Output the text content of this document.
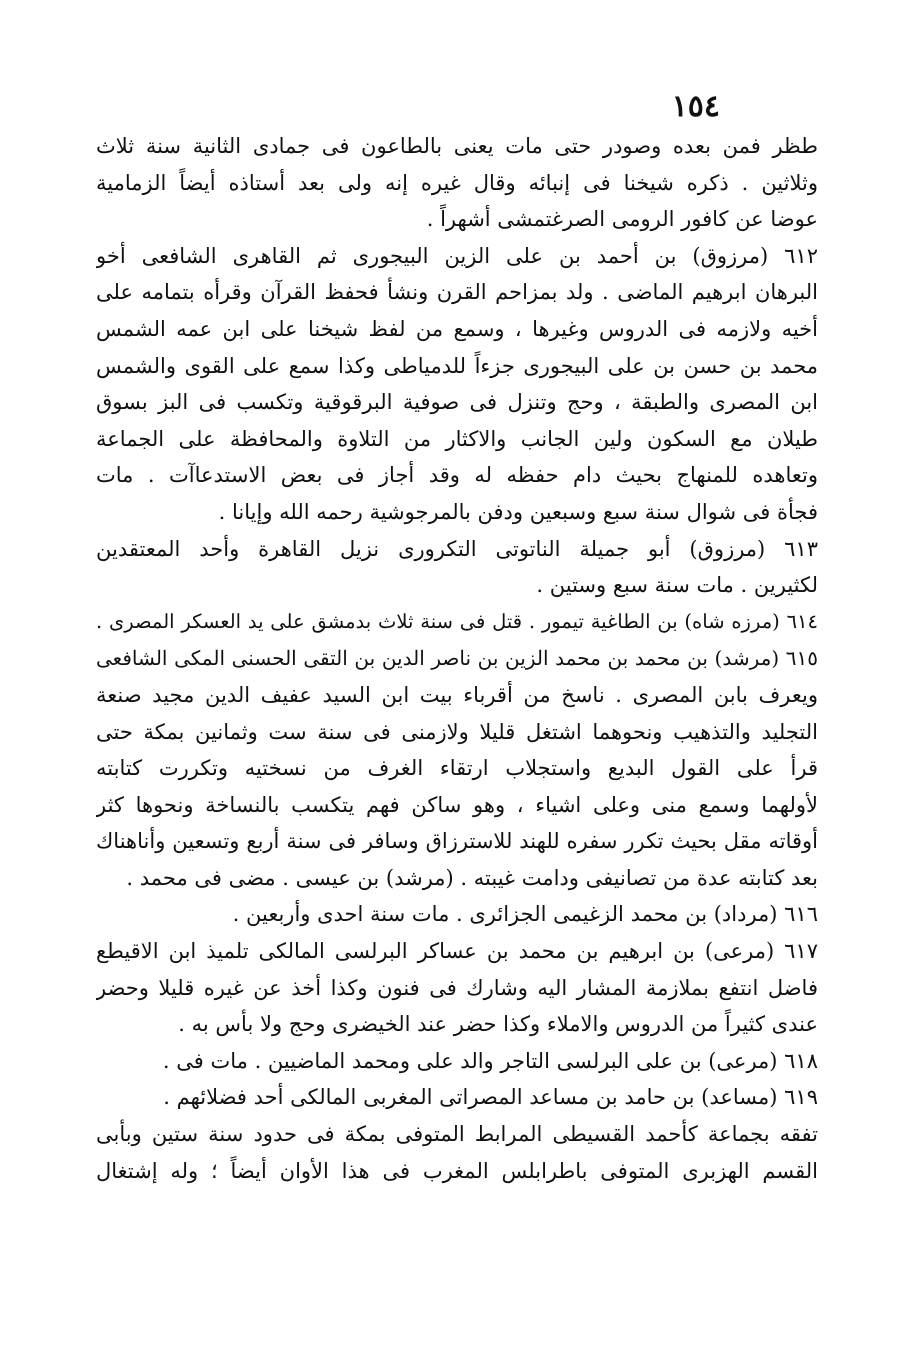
١٥٤
طظر فمن بعده وصودر حتى مات يعنى بالطاعون فى جمادى الثانية سنة ثلاث
وثلاثين . ذكره شيخنا فى إنبائه وقال غيره إنه ولى بعد أستاذه أيضاً الزمامية
عوضا عن كافور الرومى الصرغتمشى أشهراً .
٦١٢ (مرزوق) بن أحمد بن على الزين البيجورى ثم القاهرى الشافعى أخو
البرهان ابرهيم الماضى . ولد بمزاحم القرن ونشأ فحفظ القرآن وقرأه بتمامه على
أخيه ولازمه فى الدروس وغيرها ، وسمع من لفظ شيخنا على ابن عمه الشمس
محمد بن حسن بن على البيجورى جزءاً للدمياطى وكذا سمع على القوى والشمس
ابن المصرى والطبقة ، وحج وتنزل فى صوفية البرقوقية وتكسب فى البز بسوق
طيلان مع السكون ولين الجانب والاكثار من التلاوة والمحافظة على الجماعة
وتعاهده للمنهاج بحيث دام حفظه له وقد أجاز فى بعض الاستدعاآت . مات
فجأة فى شوال سنة سبع وسبعين ودفن بالمرجوشية رحمه الله وإيانا .
٦١٣ (مرزوق) أبو جميلة الناتوتى التكرورى نزيل القاهرة وأحد المعتقدين
لكثيرين . مات سنة سبع وستين .
٦١٤ (مرزه شاه) بن الطاغية تيمور . قتل فى سنة ثلاث بدمشق على يد العسكر المصرى .
٦١٥ (مرشد) بن محمد بن محمد الزين بن ناصر الدين بن التقى الحسنى المكى الشافعى
ويعرف بابن المصرى . ناسخ من أقرباء بيت ابن السيد عفيف الدين مجيد صنعة
التجليد والتذهيب ونحوهما اشتغل قليلا ولازمنى فى سنة ست وثمانين بمكة حتى
قرأ على القول البديع واستجلاب ارتقاء الغرف من نسختيه وتكررت كتابته
لأولهما وسمع منى وعلى اشياء ، وهو ساكن فهم يتكسب بالنساخة ونحوها كثر
أوقاته مقل بحيث تكرر سفره للهند للاسترزاق وسافر فى سنة أربع وتسعين وأناهناك
بعد كتابته عدة من تصانيفى ودامت غيبته . (مرشد) بن عيسى . مضى فى محمد .
٦١٦ (مرداد) بن محمد الزغيمى الجزائرى . مات سنة احدى وأربعين .
٦١٧ (مرعى) بن ابرهيم بن محمد بن عساكر البرلسى المالكى تلميذ ابن الاقيطع
فاضل انتفع بملازمة المشار اليه وشارك فى فنون وكذا أخذ عن غيره قليلا وحضر
عندى كثيراً من الدروس والاملاء وكذا حضر عند الخيضرى وحج ولا بأس به .
٦١٨ (مرعى) بن على البرلسى التاجر والد على ومحمد الماضيين . مات فى .
٦١٩ (مساعد) بن حامد بن مساعد المصراتى المغربى المالكى أحد فضلائهم .
تفقه بجماعة كأحمد القسيطى المرابط المتوفى بمكة فى حدود سنة ستين وبأبى
القسم الهزبرى المتوفى باطرابلس المغرب فى هذا الأوان أيضاً ؛ وله إشتغال
